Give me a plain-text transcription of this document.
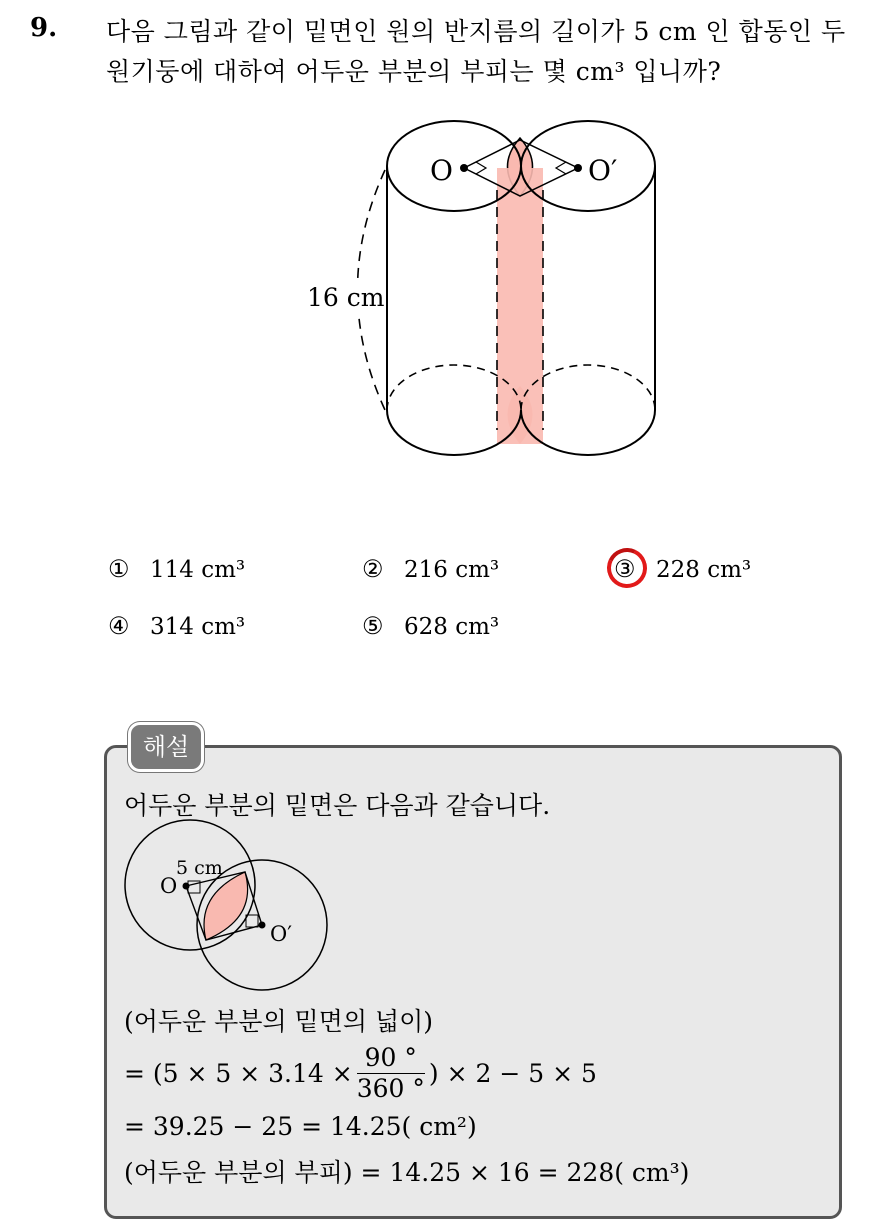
9. 다음 그림과 같이 밑면인 원의 반지름의 길이가 5 cm 인 합동인 두 원기둥에 대하여 어두운 부분의 부피는 몇 cm³ 입니까?
O	O′
16 cm
① 114 cm³	② 216 cm³	③ 228 cm³
④ 314 cm³	⑤ 628 cm³
해설
어두운 부분의 밑면은 다음과 같습니다.
O
O′
5 cm
(어두운 부분의 밑면의 넓이)
= ($5 \times 5 \times 3.14 \times \frac{90 ^\circ}{360 ^\circ}$ ) × 2 − 5 × 5
= 39.25 − 25 = 14.25( cm²)
(어두운 부분의 부피) = 14.25 × 16 = 228( cm³)
